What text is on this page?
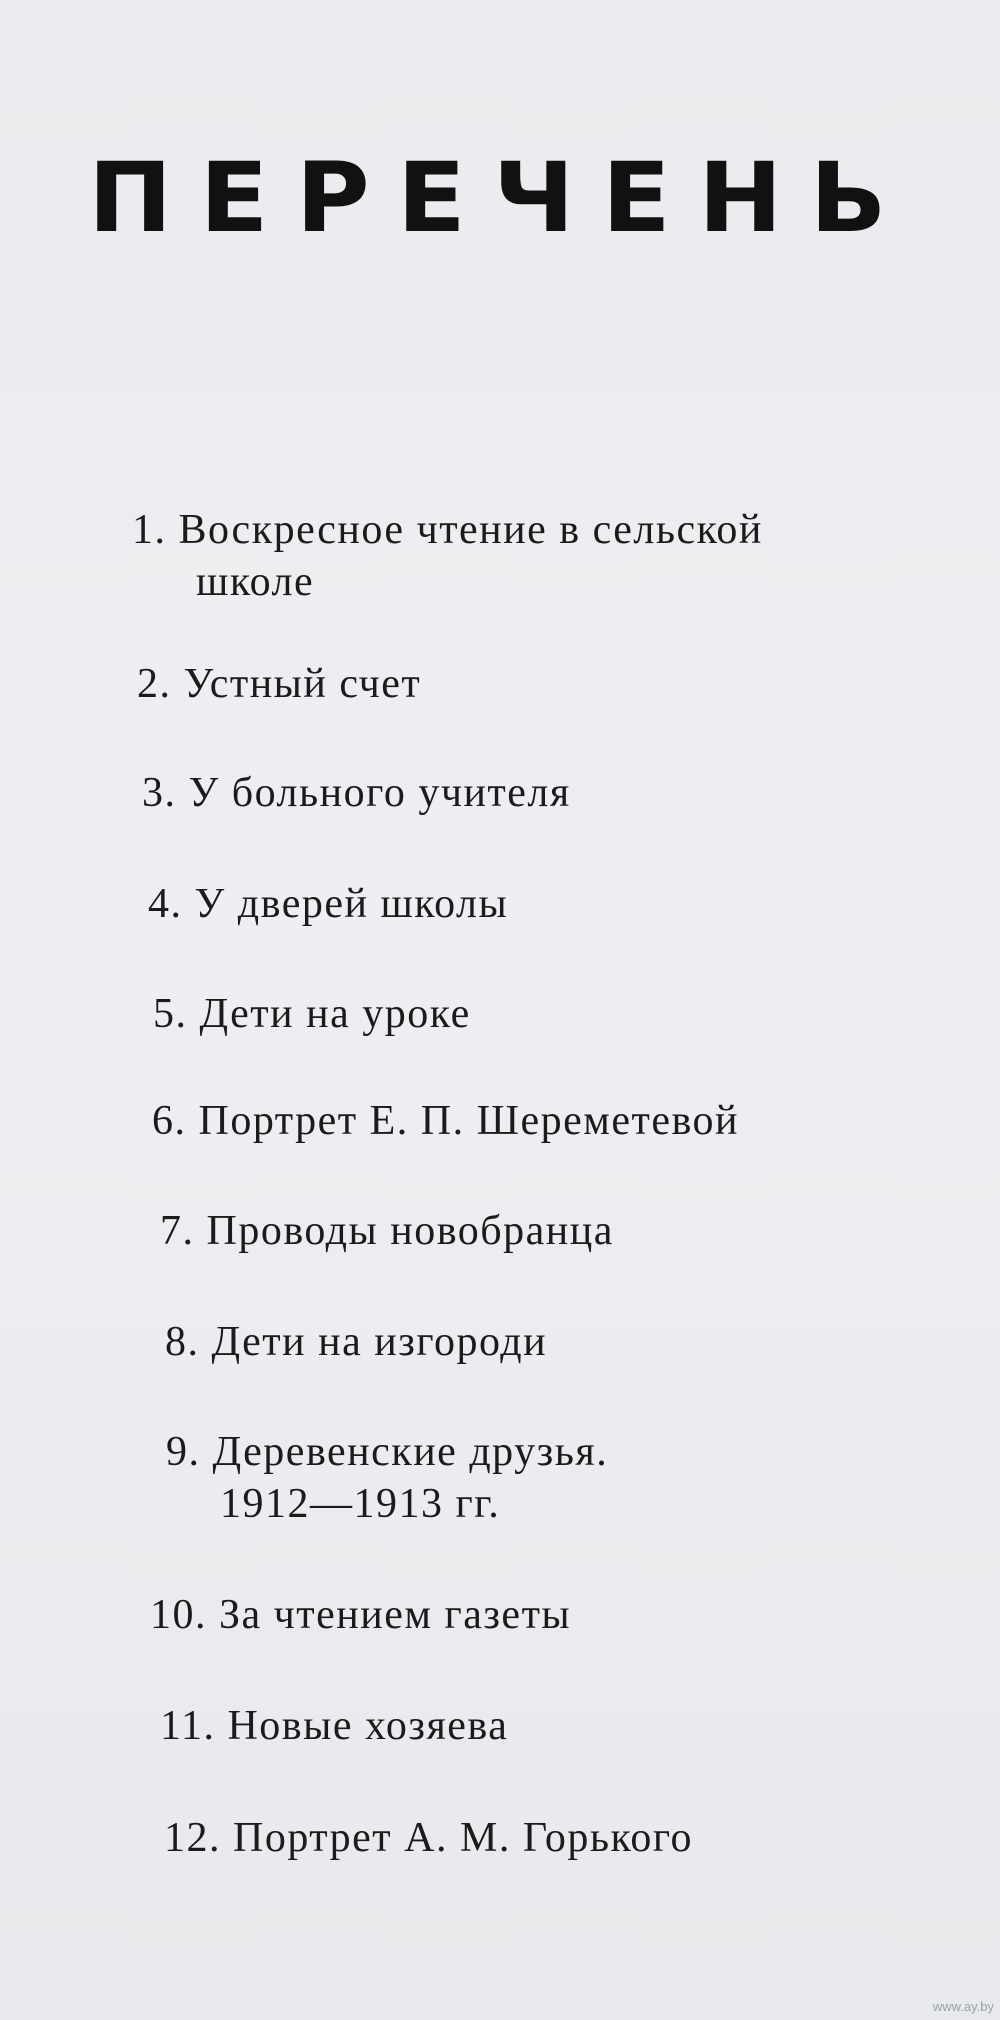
ПЕРЕЧЕНЬ
1. Воскресное чтение в сельской
школе
2. Устный счет
3. У больного учителя
4. У дверей школы
5. Дети на уроке
6. Портрет Е. П. Шереметевой
7. Проводы новобранца
8. Дети на изгороди
9. Деревенские друзья.
1912—1913 гг.
10. За чтением газеты
11. Новые хозяева
12. Портрет А. М. Горького
www.ay.by
